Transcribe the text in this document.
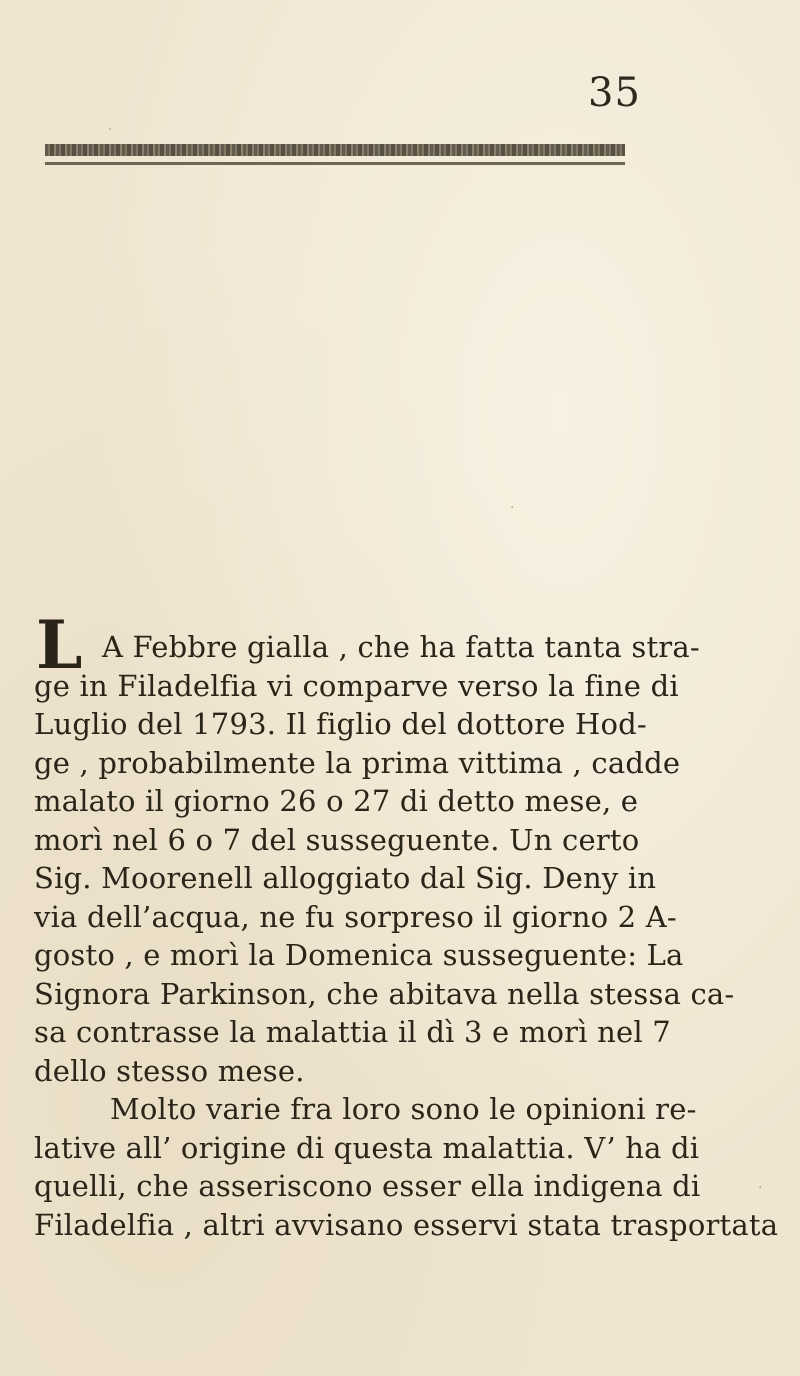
35
·
·
·
L A Febbre gialla , che ha fatta tanta stra-
ge in Filadelfia vi comparve verso la fine di
Luglio del 1793. Il figlio del dottore Hod-
ge , probabilmente la prima vittima , cadde
malato il giorno 26 o 27 di detto mese, e
morì nel 6 o 7 del susseguente. Un certo
Sig. Moorenell alloggiato dal Sig. Deny in
via dell’acqua, ne fu sorpreso il giorno 2 A-
gosto , e morì la Domenica susseguente: La
Signora Parkinson, che abitava nella stessa ca-
sa contrasse la malattia il dì 3 e morì nel 7
dello stesso mese.
Molto varie fra loro sono le opinioni re-
lative all’ origine di questa malattia. V’ ha di
quelli, che asseriscono esser ella indigena di
Filadelfia , altri avvisano esservi stata trasportata
